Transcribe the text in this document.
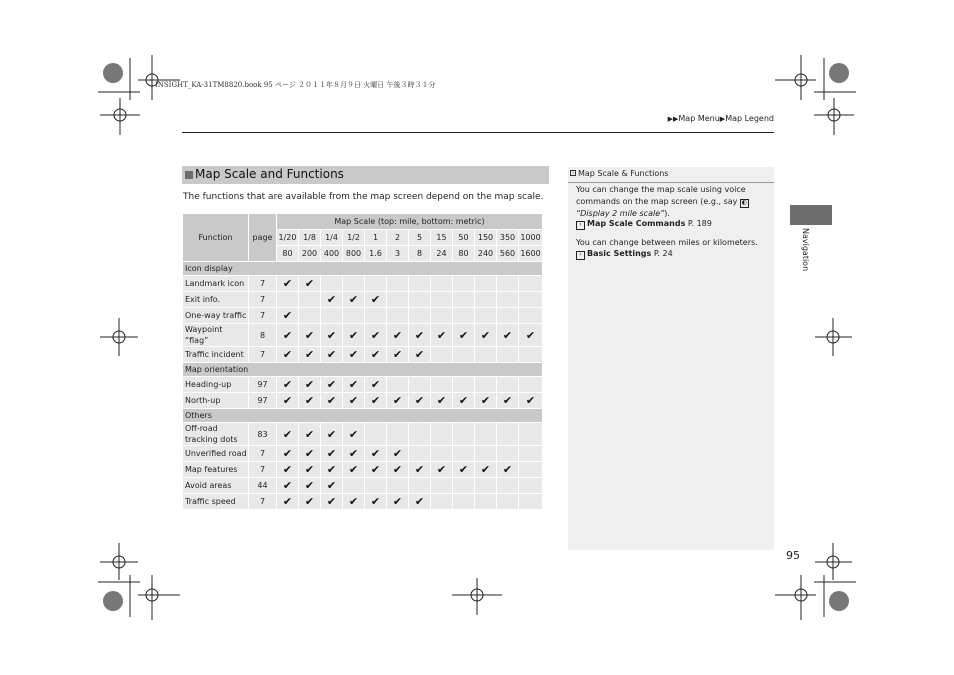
INSIGHT_KA-31TM8820.book 95 ページ ２０１１年８月９日 火曜日 午後３時３１分
▶▶Map Menu▶Map Legend
Map Scale and Functions
The functions that are available from the map screen depend on the map scale.
Function	page	Map Scale (top: mile, bottom: metric)											
		1/20	1/8	1/4	1/2	1	2	5	15	50	150	350	1000
		80	200	400	800	1.6	3	8	24	80	240	560	1600
Icon display													
Landmark icon	7	✔	✔										
Exit info.	7			✔	✔	✔							
One-way traffic	7	✔											
Waypoint “flag”	8	✔	✔	✔	✔	✔	✔	✔	✔	✔	✔	✔	✔
Traffic incident	7	✔	✔	✔	✔	✔	✔	✔					
Map orientation													
Heading-up	97	✔	✔	✔	✔	✔							
North-up	97	✔	✔	✔	✔	✔	✔	✔	✔	✔	✔	✔	✔
Others													
Off-road tracking dots	83	✔	✔	✔	✔								
Unverified road	7	✔	✔	✔	✔	✔	✔						
Map features	7	✔	✔	✔	✔	✔	✔	✔	✔	✔	✔	✔	
Avoid areas	44	✔	✔	✔									
Traffic speed	7	✔	✔	✔	✔	✔	✔	✔					
› Map Scale & Functions
You can change the map scale using voice commands on the map screen (e.g., say ◐
“Display 2 mile scale”).
› Map Scale Commands P. 189
You can change between miles or kilometers.
› Basic Settings P. 24	Navigation
95
